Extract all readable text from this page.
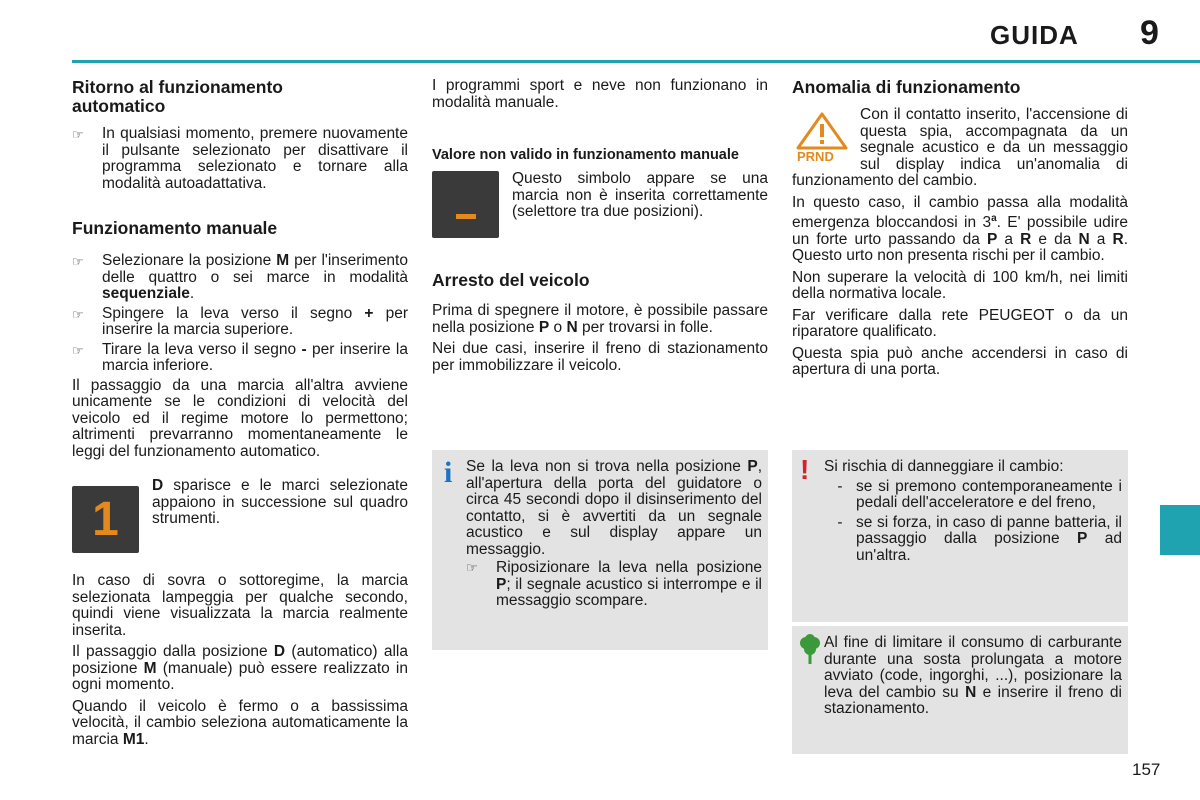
GUIDA 9
Ritorno al funzionamento automatico
☞	In qualsiasi momento, premere nuovamente il pulsante selezionato per disattivare il programma selezionato e tornare alla modalità autoadattativa.
Funzionamento manuale
☞	Selezionare la posizione M per l'inserimento delle quattro o sei marce in modalità sequenziale.
☞	Spingere la leva verso il segno + per inserire la marcia superiore.
☞	Tirare la leva verso il segno - per inserire la marcia inferiore.

Il passaggio da una marcia all'altra avviene unicamente se le condizioni di velocità del veicolo ed il regime motore lo permettono; altrimenti prevarranno momentaneamente le leggi del funzionamento automatico.

1
D sparisce e le marci selezionate appaiono in successione sul quadro strumenti.

In caso di sovra o sottoregime, la marcia selezionata lampeggia per qualche secondo, quindi viene visualizzata la marcia realmente inserita.

Il passaggio dalla posizione D (automatico) alla posizione M (manuale) può essere realizzato in ogni momento.

Quando il veicolo è fermo o a bassissima velocità, il cambio seleziona automaticamente la marcia M1.

I programmi sport e neve non funzionano in modalità manuale.

Valore non valido in funzionamento manuale
Questo simbolo appare se una marcia non è inserita correttamente (selettore tra due posizioni).
Arresto del veicolo

Prima di spegnere il motore, è possibile passare nella posizione P o N per trovarsi in folle.

Nei due casi, inserire il freno di stazionamento per immobilizzare il veicolo.

i Se la leva non si trova nella posizione P, all'apertura della porta del guidatore o circa 45 secondi dopo il disinserimento del contatto, si è avvertiti da un segnale acustico e sul display appare un messaggio.
☞	Riposizionare la leva nella posizione P; il segnale acustico si interrompe e il messaggio scompare.
Anomalia di funzionamento
PRND

Con il contatto inserito, l'accensione di questa spia, accompagnata da un segnale acustico e da un messaggio sul display indica un'anomalia di funzionamento del cambio.

In questo caso, il cambio passa alla modalità emergenza bloccandosi in 3$^a$. E' possibile udire un forte urto passando da P a R e da N a R. Questo urto non presenta rischi per il cambio.

Non superare la velocità di 100 km/h, nei limiti della normativa locale.

Far verificare dalla rete PEUGEOT o da un riparatore qualificato.

Questa spia può anche accendersi in caso di apertura di una porta.

! Si rischia di danneggiare il cambio:
- se si premono contemporaneamente i pedali dell'acceleratore e del freno,
- se si forza, in caso di panne batteria, il passaggio dalla posizione P ad un'altra.
Al fine di limitare il consumo di carburante durante una sosta prolungata a motore avviato (code, ingorghi, ...), posizionare la leva del cambio su N e inserire il freno di stazionamento.
157
